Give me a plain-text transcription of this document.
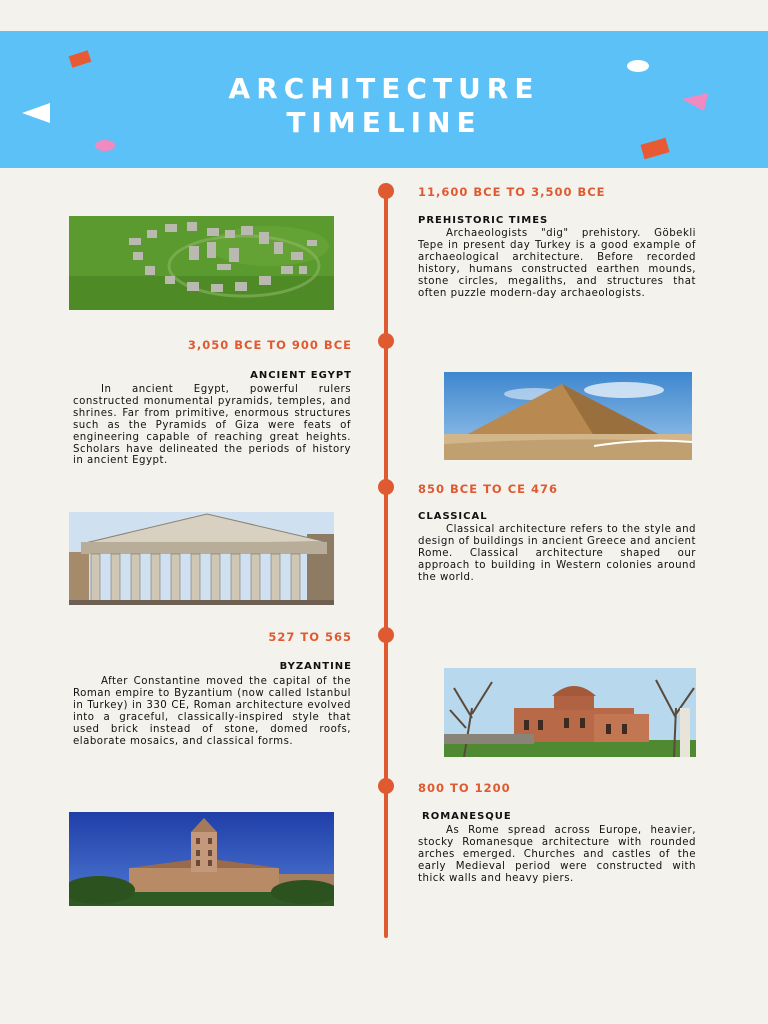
ARCHITECTURE
TIMELINE
11,600 BCE TO 3,500 BCE
PREHISTORIC TIMES
Archaeologists "dig" prehistory. Göbekli Tepe in present day Turkey is a good example of archaeological architecture. Before recorded history, humans constructed earthen mounds, stone circles, megaliths, and structures that often puzzle modern-day archaeologists.
3,050 BCE TO 900 BCE
ANCIENT EGYPT
In ancient Egypt, powerful rulers constructed monumental pyramids, temples, and shrines. Far from primitive, enormous structures such as the Pyramids of Giza were feats of engineering capable of reaching great heights. Scholars have delineated the periods of history in ancient Egypt.
850 BCE TO CE 476
CLASSICAL
Classical architecture refers to the style and design of buildings in ancient Greece and ancient Rome. Classical architecture shaped our approach to building in Western colonies around the world.
527 TO 565
BYZANTINE
After Constantine moved the capital of the Roman empire to Byzantium (now called Istanbul in Turkey) in 330 CE, Roman architecture evolved into a graceful, classically-inspired style that used brick instead of stone, domed roofs, elaborate mosaics, and classical forms.
800 TO 1200
ROMANESQUE
As Rome spread across Europe, heavier, stocky Romanesque architecture with rounded arches emerged. Churches and castles of the early Medieval period were constructed with thick walls and heavy piers.
